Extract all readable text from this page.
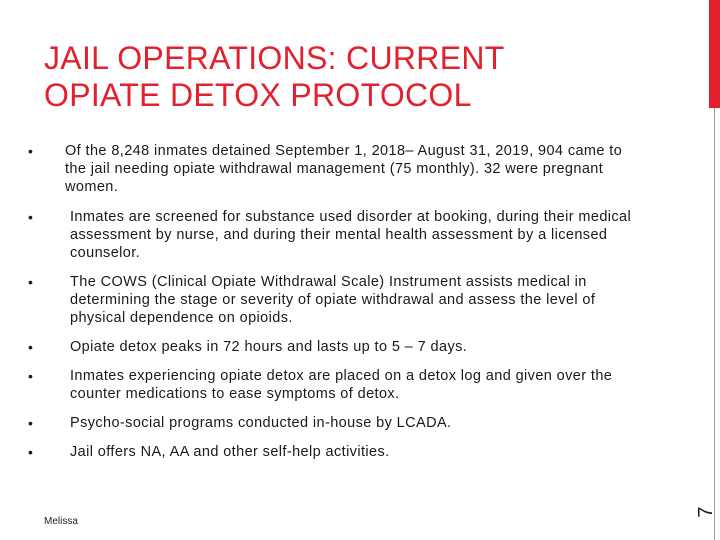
7
JAIL OPERATIONS: CURRENT
OPIATE DETOX PROTOCOL
• Of the 8,248 inmates detained September 1, 2018– August 31, 2019, 904 came to the jail needing opiate withdrawal management (75 monthly). 32 were pregnant women.
•	Inmates are screened for substance used disorder at booking, during their medical assessment by nurse, and during their mental health assessment by a licensed counselor.
•	The COWS (Clinical Opiate Withdrawal Scale) Instrument assists medical in determining the stage or severity of opiate withdrawal and assess the level of physical dependence on opioids.
•	Opiate detox peaks in 72 hours and lasts up to 5 – 7 days.
•	Inmates experiencing opiate detox are placed on a detox log and given over the counter medications to ease symptoms of detox.
•	Psycho-social programs conducted in-house by LCADA.
•	Jail offers NA, AA and other self-help activities.
Melissa
